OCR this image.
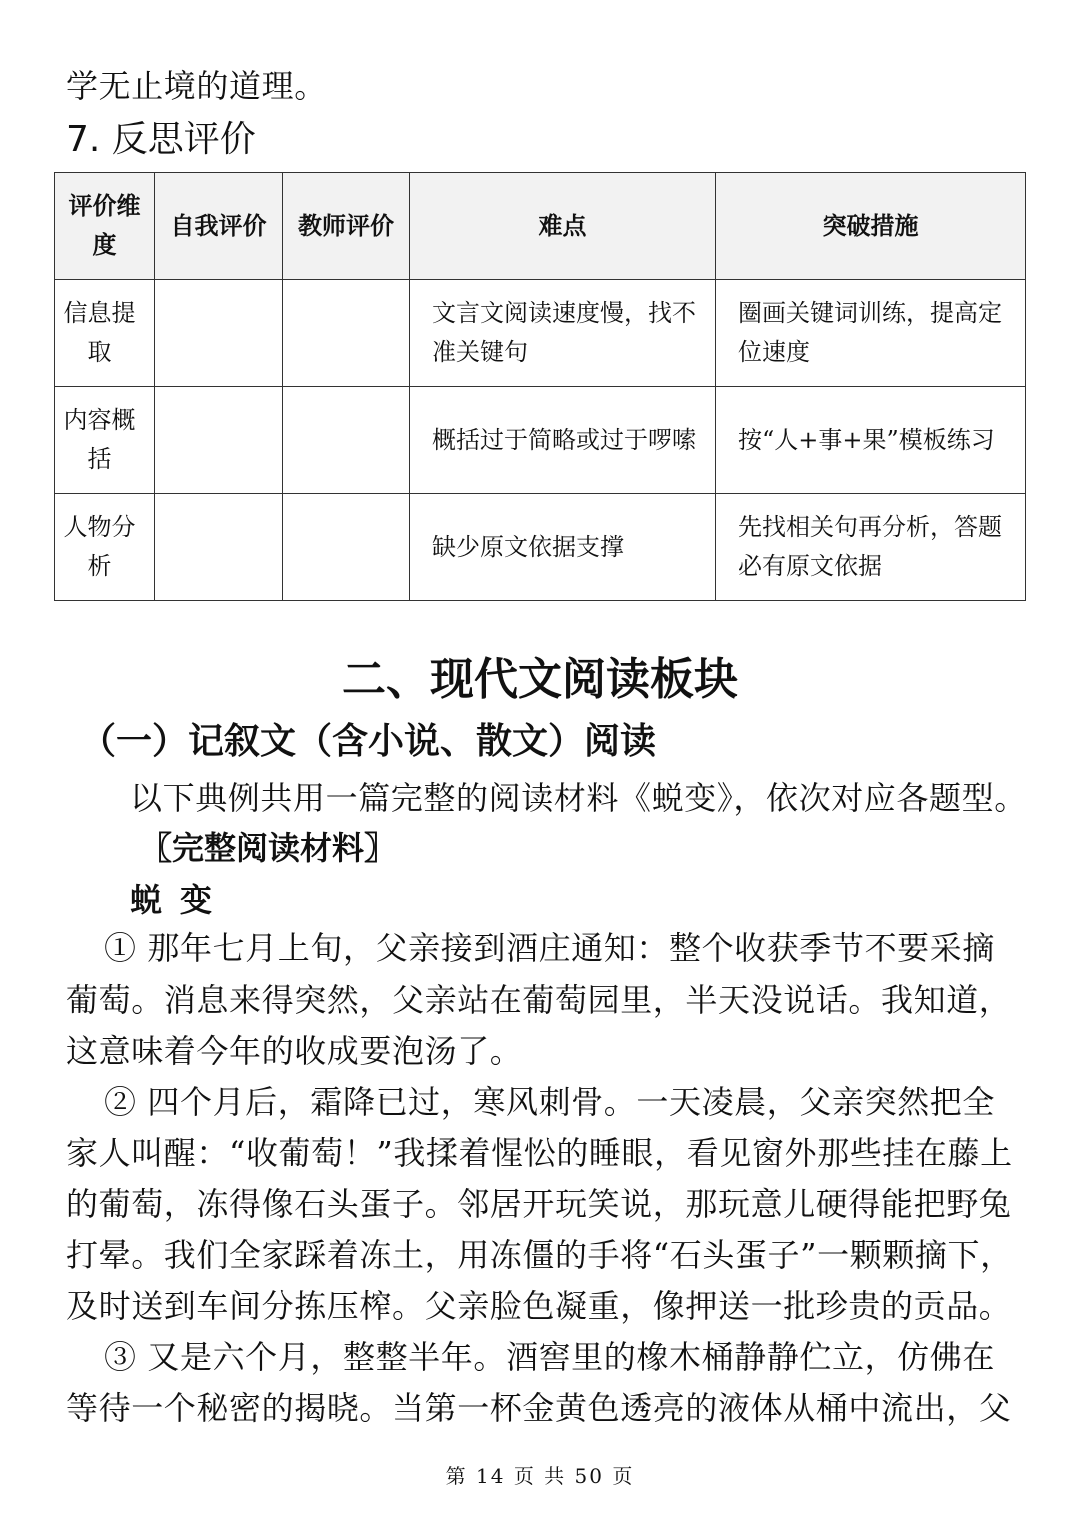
学无止境的道理。
7. 反思评价
评价维度	自我评价	教师评价	难点	突破措施
信息提取			文言文阅读速度慢，找不准关键句	圈画关键词训练，提高定位速度
内容概括			概括过于简略或过于啰嗦	按“人+事+果”模板练习
人物分析			缺少原文依据支撑	先找相关句再分析，答题必有原文依据
二、现代文阅读板块
（一）记叙文（含小说、散文）阅读
以下典例共用一篇完整的阅读材料《蜕变》，依次对应各题型。
〖完整阅读材料〗
蜕变
① 那年七月上旬，父亲接到酒庄通知：整个收获季节不要采摘
葡萄。消息来得突然，父亲站在葡萄园里，半天没说话。我知道，
这意味着今年的收成要泡汤了。
② 四个月后，霜降已过，寒风刺骨。一天凌晨，父亲突然把全
家人叫醒：“收葡萄！”我揉着惺忪的睡眼，看见窗外那些挂在藤上
的葡萄，冻得像石头蛋子。邻居开玩笑说，那玩意儿硬得能把野兔
打晕。我们全家踩着冻土，用冻僵的手将“石头蛋子”一颗颗摘下，
及时送到车间分拣压榨。父亲脸色凝重，像押送一批珍贵的贡品。
③ 又是六个月，整整半年。酒窖里的橡木桶静静伫立，仿佛在
等待一个秘密的揭晓。当第一杯金黄色透亮的液体从桶中流出，父
第 14 页 共 50 页
